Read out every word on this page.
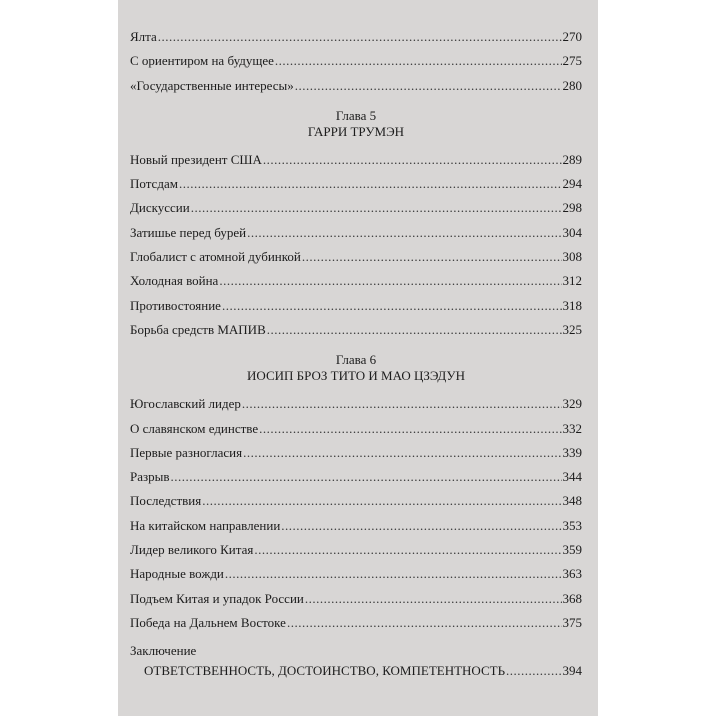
Ялта .....	270
С ориентиром на будущее .....	275
«Государственные интересы» .....	280
Глава 5
ГАРРИ ТРУМЭН
Новый президент США .....	289
Потсдам .....	294
Дискуссии .....	298
Затишье перед бурей .....	304
Глобалист с атомной дубинкой .....	308
Холодная война .....	312
Противостояние .....	318
Борьба средств МАПИВ .....	325
Глава 6
ИОСИП БРОЗ ТИТО И МАО ЦЗЭДУН
Югославский лидер .....	329
О славянском единстве .....	332
Первые разногласия .....	339
Разрыв .....	344
Последствия .....	348
На китайском направлении .....	353
Лидер великого Китая .....	359
Народные вожди .....	363
Подъем Китая и упадок России .....	368
Победа на Дальнем Востоке .....	375
Заключение
ОТВЕТСТВЕННОСТЬ, ДОСТОИНСТВО, КОМПЕТЕНТНОСТЬ .....	394
